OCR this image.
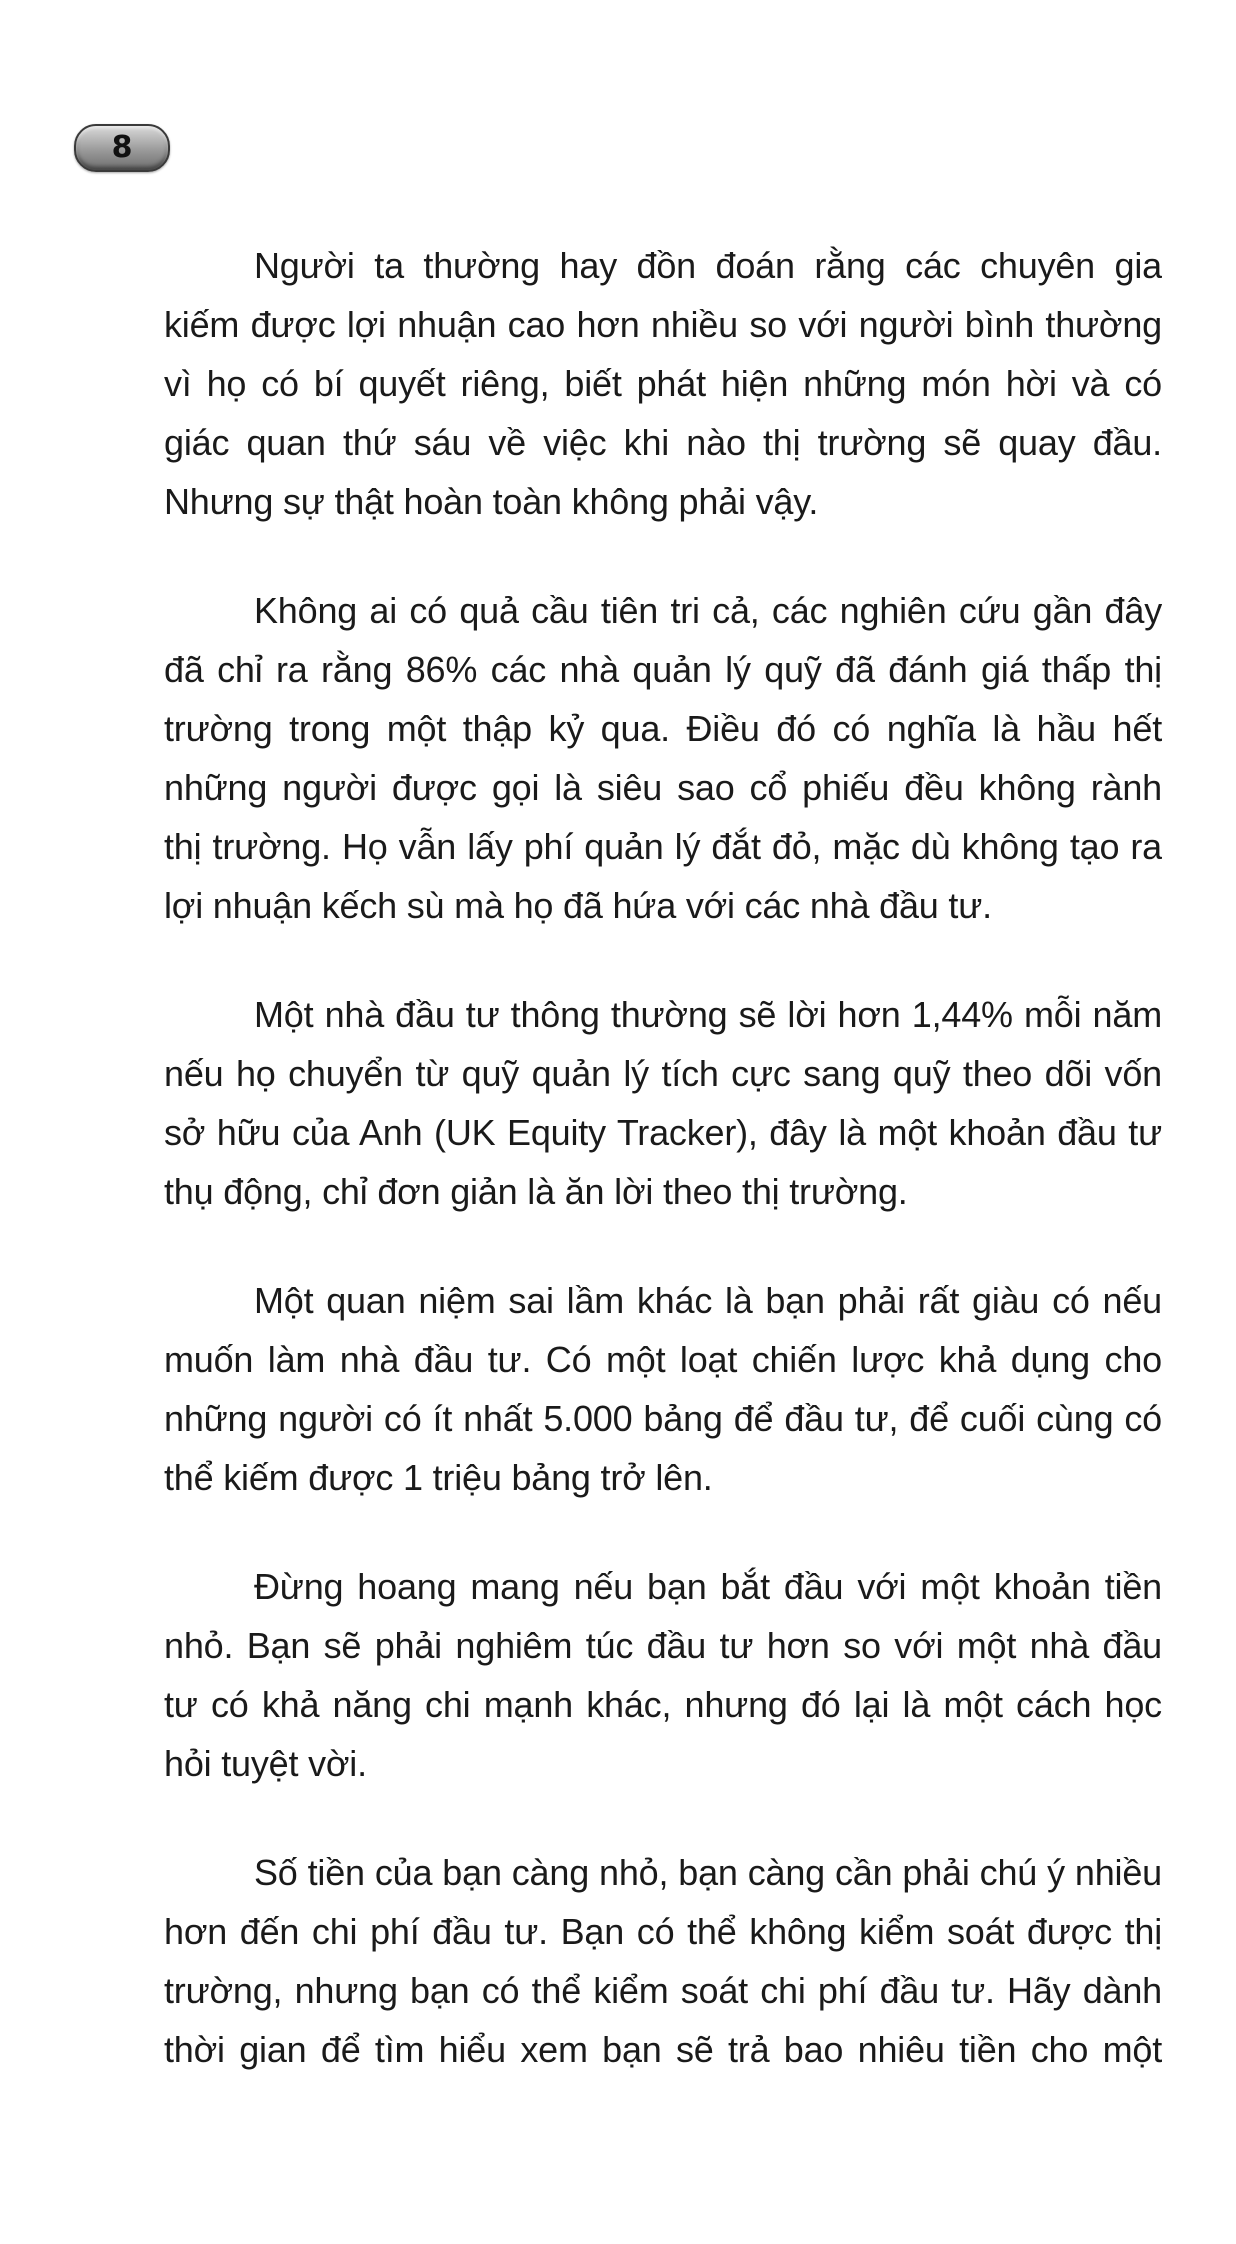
8
Người ta thường hay đồn đoán rằng các chuyên gia
kiếm được lợi nhuận cao hơn nhiều so với người bình thường
vì họ có bí quyết riêng, biết phát hiện những món hời và có
giác quan thứ sáu về việc khi nào thị trường sẽ quay đầu.
Nhưng sự thật hoàn toàn không phải vậy.
Không ai có quả cầu tiên tri cả, các nghiên cứu gần đây
đã chỉ ra rằng 86% các nhà quản lý quỹ đã đánh giá thấp thị
trường trong một thập kỷ qua. Điều đó có nghĩa là hầu hết
những người được gọi là siêu sao cổ phiếu đều không rành
thị trường. Họ vẫn lấy phí quản lý đắt đỏ, mặc dù không tạo ra
lợi nhuận kếch sù mà họ đã hứa với các nhà đầu tư.
Một nhà đầu tư thông thường sẽ lời hơn 1,44% mỗi năm
nếu họ chuyển từ quỹ quản lý tích cực sang quỹ theo dõi vốn
sở hữu của Anh (UK Equity Tracker), đây là một khoản đầu tư
thụ động, chỉ đơn giản là ăn lời theo thị trường.
Một quan niệm sai lầm khác là bạn phải rất giàu có nếu
muốn làm nhà đầu tư. Có một loạt chiến lược khả dụng cho
những người có ít nhất 5.000 bảng để đầu tư, để cuối cùng có
thể kiếm được 1 triệu bảng trở lên.
Đừng hoang mang nếu bạn bắt đầu với một khoản tiền
nhỏ. Bạn sẽ phải nghiêm túc đầu tư hơn so với một nhà đầu
tư có khả năng chi mạnh khác, nhưng đó lại là một cách học
hỏi tuyệt vời.
Số tiền của bạn càng nhỏ, bạn càng cần phải chú ý nhiều
hơn đến chi phí đầu tư. Bạn có thể không kiểm soát được thị
trường, nhưng bạn có thể kiểm soát chi phí đầu tư. Hãy dành
thời gian để tìm hiểu xem bạn sẽ trả bao nhiêu tiền cho một
